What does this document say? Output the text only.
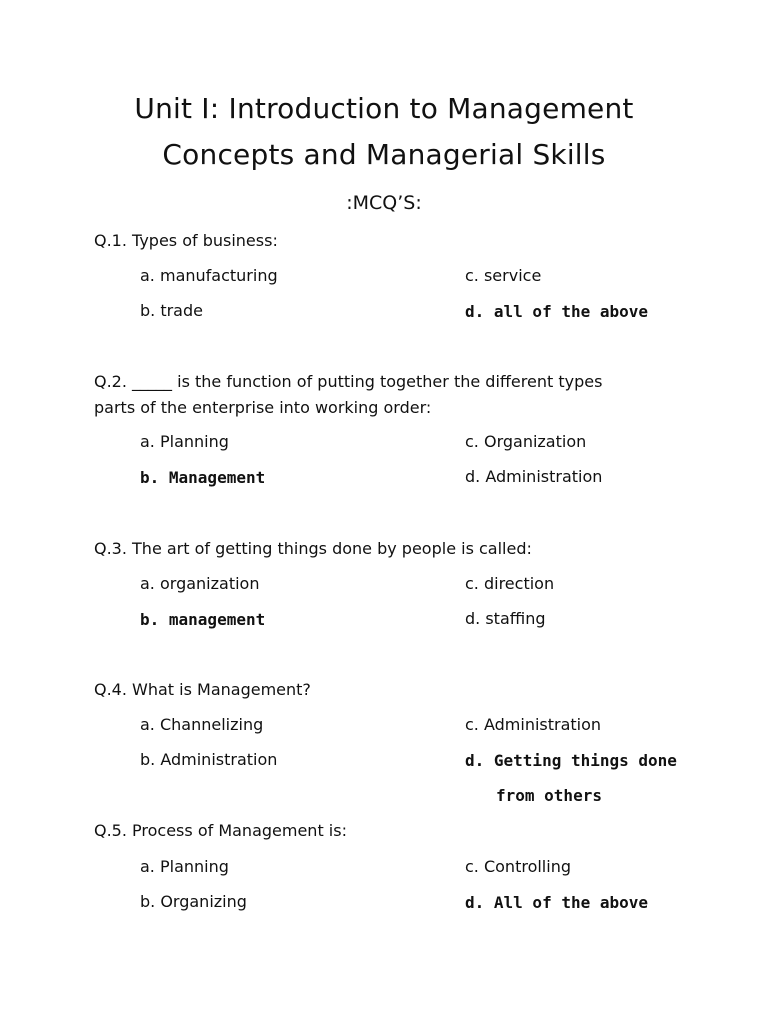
Unit I: Introduction to Management
Concepts and Managerial Skills
:MCQ’S:
Q.1. Types of business:
a. manufacturing	c. service
b. trade	d. all of the above
Q.2. _____ is the function of putting together the different types
parts of the enterprise into working order:
a. Planning	c. Organization
b. Management	d. Administration
Q.3. The art of getting things done by people is called:
a. organization	c. direction
b. management	d. staffing
Q.4. What is Management?
a. Channelizing	c. Administration
b. Administration	d. Getting things done
from others
Q.5. Process of Management is:
a. Planning	c. Controlling
b. Organizing	d. All of the above
